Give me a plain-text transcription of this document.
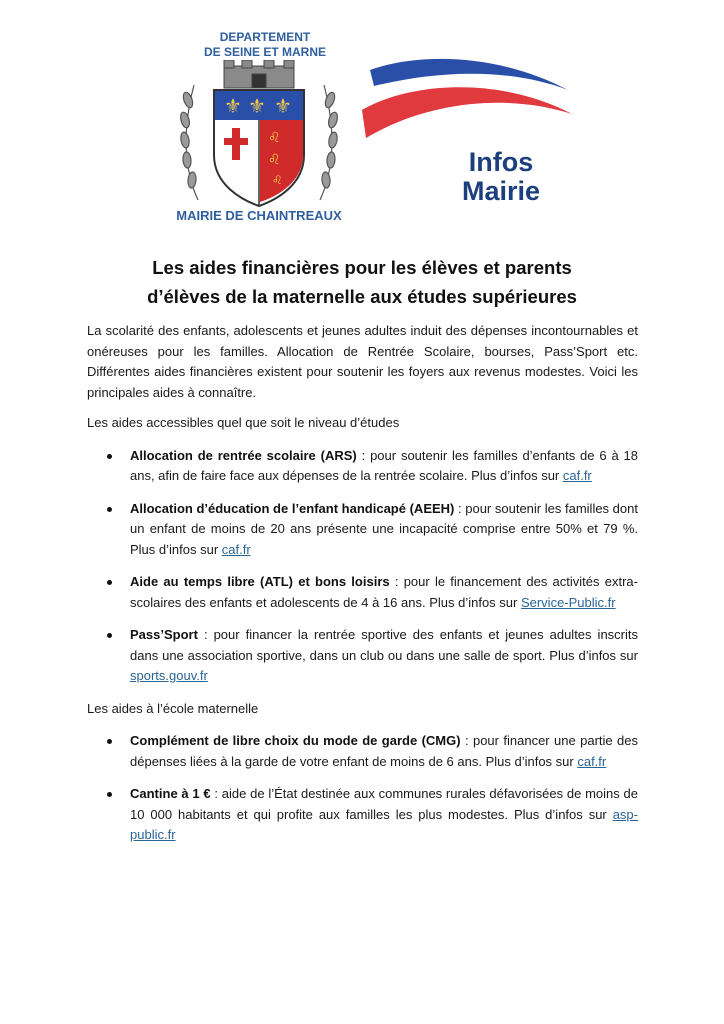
DEPARTEMENT
DE SEINE ET MARNE
⚜ ⚜ ⚜
♌
♌
♌
MAIRIE DE CHAINTREAUX
Infos
Mairie
Les aides financières pour les élèves et parents
d’élèves de la maternelle aux études supérieures

La scolarité des enfants, adolescents et jeunes adultes induit des dépenses incontournables et onéreuses pour les familles. Allocation de Rentrée Scolaire, bourses, Pass’Sport etc. Différentes aides financières existent pour soutenir les foyers aux revenus modestes. Voici les principales aides à connaître.

Les aides accessibles quel que soit le niveau d’études
Allocation de rentrée scolaire (ARS) : pour soutenir les familles d’enfants de 6 à 18 ans, afin de faire face aux dépenses de la rentrée scolaire. Plus d’infos sur caf.fr
Allocation d’éducation de l’enfant handicapé (AEEH) : pour soutenir les familles dont un enfant de moins de 20 ans présente une incapacité comprise entre 50% et 79 %. Plus d’infos sur caf.fr
Aide au temps libre (ATL) et bons loisirs : pour le financement des activités extra-scolaires des enfants et adolescents de 4 à 16 ans. Plus d’infos sur Service-Public.fr
Pass’Sport : pour financer la rentrée sportive des enfants et jeunes adultes inscrits dans une association sportive, dans un club ou dans une salle de sport. Plus d’infos sur sports.gouv.fr
Les aides à l’école maternelle
Complément de libre choix du mode de garde (CMG) : pour financer une partie des dépenses liées à la garde de votre enfant de moins de 6 ans. Plus d’infos sur caf.fr
Cantine à 1 € : aide de l’État destinée aux communes rurales défavorisées de moins de 10 000 habitants et qui profite aux familles les plus modestes. Plus d’infos sur asp-public.fr
